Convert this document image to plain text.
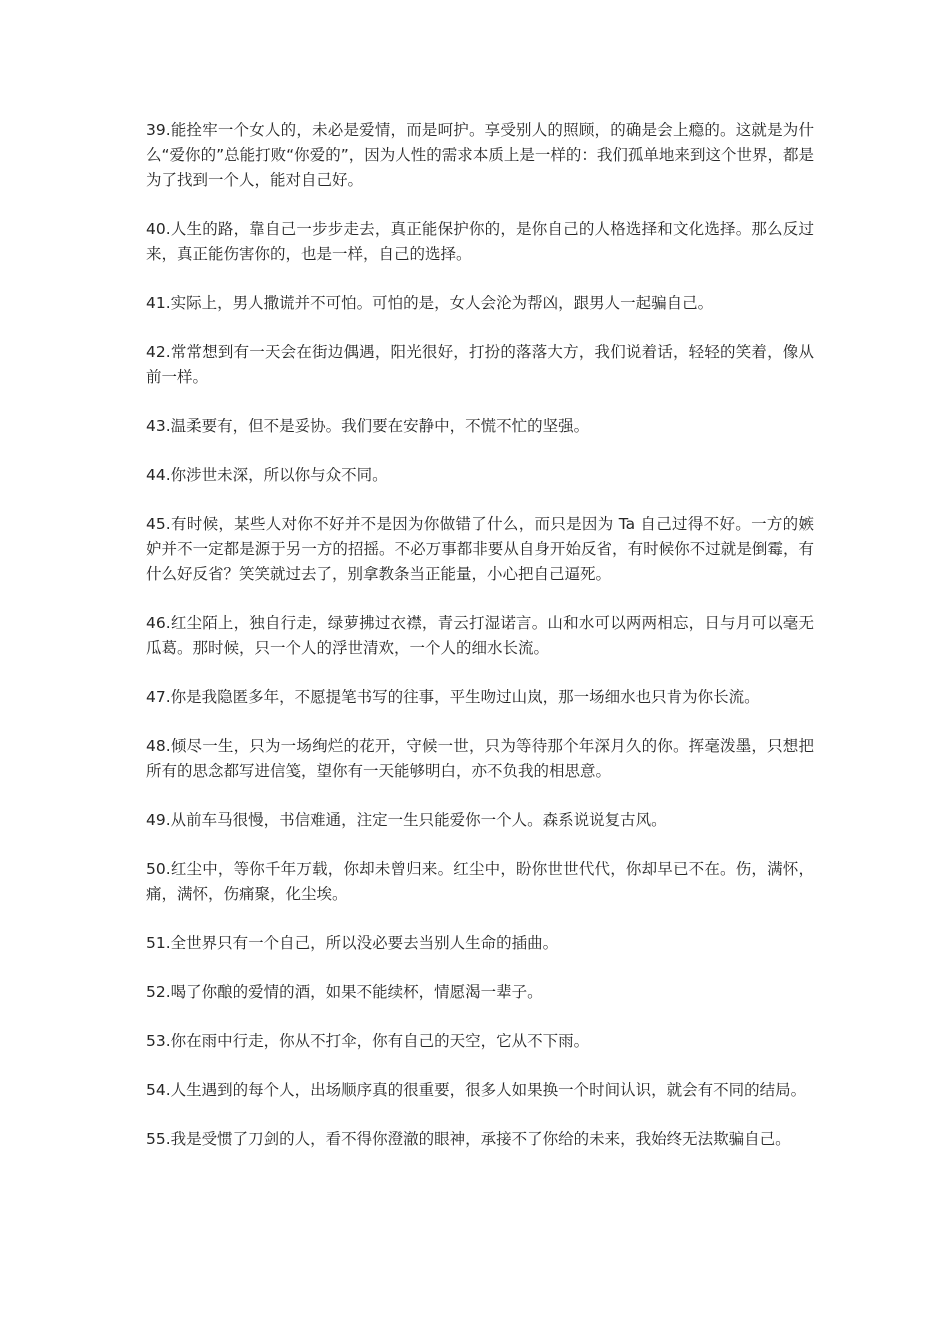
39.能拴牢一个女人的，未必是爱情，而是呵护。享受别人的照顾，的确是会上瘾的。这就是为什么“爱你的”总能打败“你爱的”，因为人性的需求本质上是一样的：我们孤单地来到这个世界，都是为了找到一个人，能对自己好。

40.人生的路，靠自己一步步走去，真正能保护你的，是你自己的人格选择和文化选择。那么反过来，真正能伤害你的，也是一样，自己的选择。

41.实际上，男人撒谎并不可怕。可怕的是，女人会沦为帮凶，跟男人一起骗自己。

42.常常想到有一天会在街边偶遇，阳光很好，打扮的落落大方，我们说着话，轻轻的笑着，像从前一样。

43.温柔要有，但不是妥协。我们要在安静中，不慌不忙的坚强。

44.你涉世未深，所以你与众不同。

45.有时候，某些人对你不好并不是因为你做错了什么，而只是因为 Ta 自己过得不好。一方的嫉妒并不一定都是源于另一方的招摇。不必万事都非要从自身开始反省，有时候你不过就是倒霉，有什么好反省？笑笑就过去了，别拿教条当正能量，小心把自己逼死。

46.红尘陌上，独自行走，绿萝拂过衣襟，青云打湿诺言。山和水可以两两相忘，日与月可以毫无瓜葛。那时候，只一个人的浮世清欢，一个人的细水长流。

47.你是我隐匿多年，不愿提笔书写的往事，平生吻过山岚，那一场细水也只肯为你长流。

48.倾尽一生，只为一场绚烂的花开，守候一世，只为等待那个年深月久的你。挥毫泼墨，只想把所有的思念都写进信笺，望你有一天能够明白，亦不负我的相思意。

49.从前车马很慢，书信难通，注定一生只能爱你一个人。森系说说复古风。

50.红尘中，等你千年万载，你却未曾归来。红尘中，盼你世世代代，你却早已不在。伤，满怀，痛，满怀，伤痛聚，化尘埃。

51.全世界只有一个自己，所以没必要去当别人生命的插曲。

52.喝了你酿的爱情的酒，如果不能续杯，情愿渴一辈子。

53.你在雨中行走，你从不打伞，你有自己的天空，它从不下雨。

54.人生遇到的每个人，出场顺序真的很重要，很多人如果换一个时间认识，就会有不同的结局。

55.我是受惯了刀剑的人，看不得你澄澈的眼神，承接不了你给的未来，我始终无法欺骗自己。
